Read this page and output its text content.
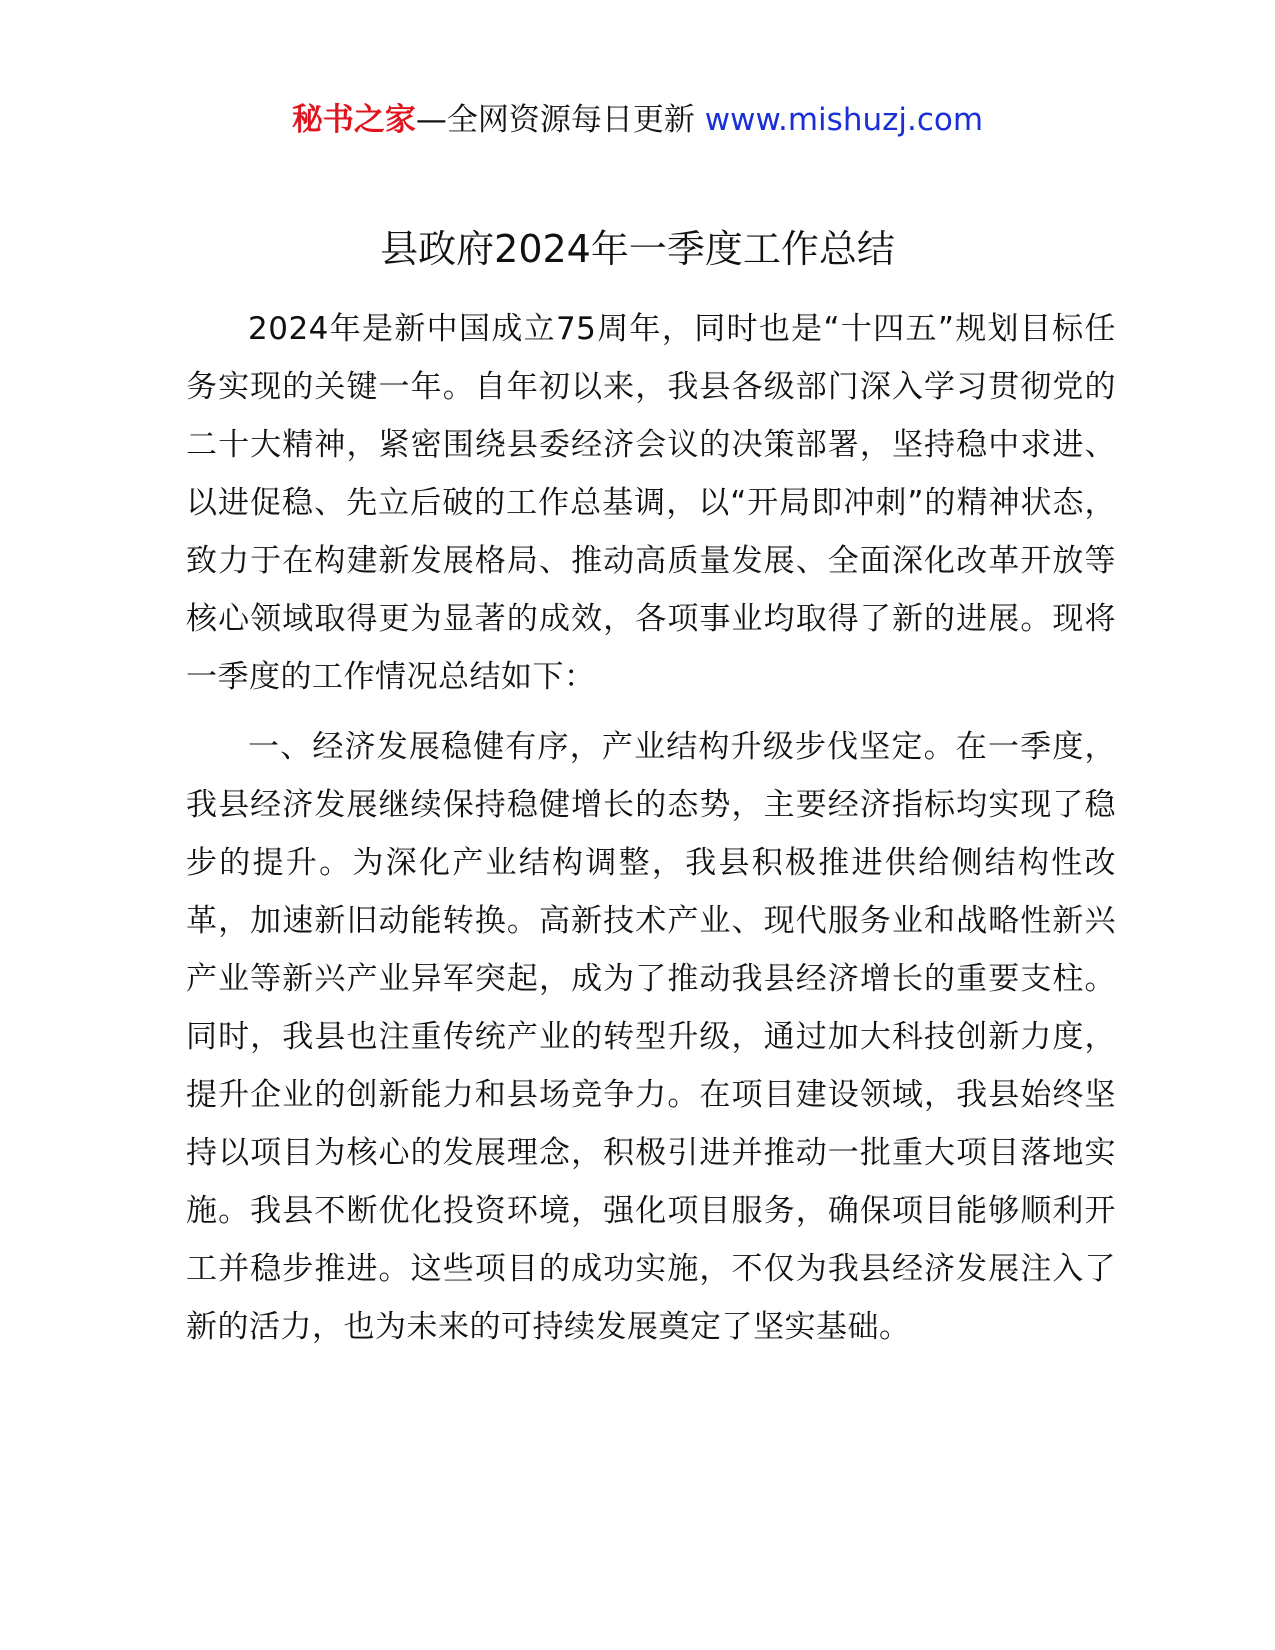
秘书之家—全网资源每日更新 www.mishuzj.com
县政府2024年一季度工作总结

2024年是新中国成立75周年，同时也是“十四五”规划目标任务实现的关键一年。自年初以来，我县各级部门深入学习贯彻党的二十大精神，紧密围绕县委经济会议的决策部署，坚持稳中求进、以进促稳、先立后破的工作总基调，以“开局即冲刺”的精神状态，致力于在构建新发展格局、推动高质量发展、全面深化改革开放等核心领域取得更为显著的成效，各项事业均取得了新的进展。现将一季度的工作情况总结如下：

一、经济发展稳健有序，产业结构升级步伐坚定。在一季度，我县经济发展继续保持稳健增长的态势，主要经济指标均实现了稳步的提升。为深化产业结构调整，我县积极推进供给侧结构性改革，加速新旧动能转换。高新技术产业、现代服务业和战略性新兴产业等新兴产业异军突起，成为了推动我县经济增长的重要支柱。同时，我县也注重传统产业的转型升级，通过加大科技创新力度，提升企业的创新能力和县场竞争力。在项目建设领域，我县始终坚持以项目为核心的发展理念，积极引进并推动一批重大项目落地实施。我县不断优化投资环境，强化项目服务，确保项目能够顺利开工并稳步推进。这些项目的成功实施，不仅为我县经济发展注入了新的活力，也为未来的可持续发展奠定了坚实基础。
